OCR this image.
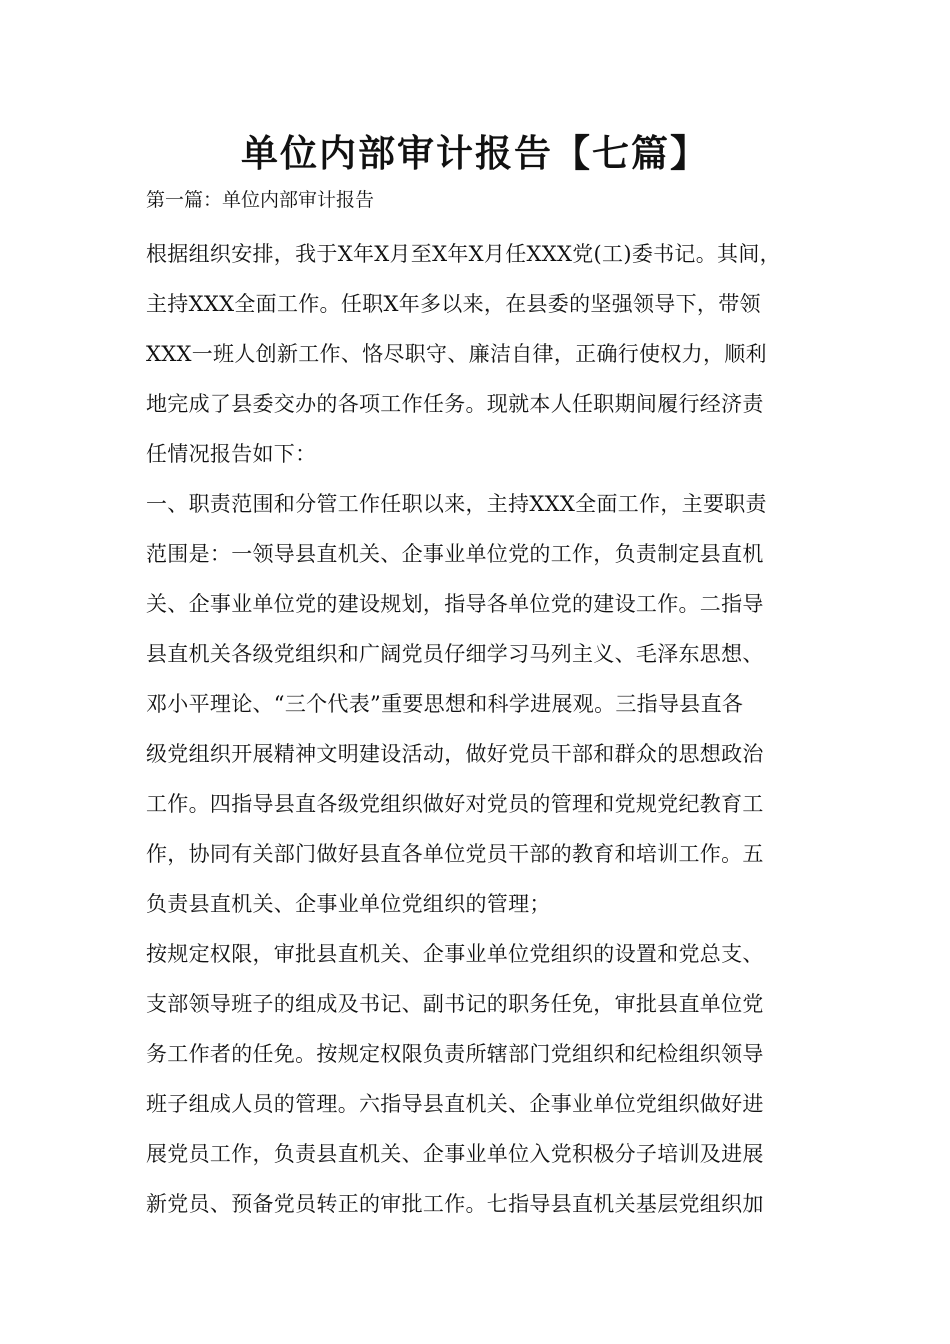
单位内部审计报告【七篇】

第一篇：单位内部审计报告

根据组织安排，我于X年X月至X年X月任XXX党(工)委书记。其间，
主持XXX全面工作。任职X年多以来，在县委的坚强领导下，带领
XXX一班人创新工作、恪尽职守、廉洁自律，正确行使权力，顺利
地完成了县委交办的各项工作任务。现就本人任职期间履行经济责
任情况报告如下：
一、职责范围和分管工作任职以来，主持XXX全面工作，主要职责
范围是：一领导县直机关、企事业单位党的工作，负责制定县直机
关、企事业单位党的建设规划，指导各单位党的建设工作。二指导
县直机关各级党组织和广阔党员仔细学习马列主义、毛泽东思想、
邓小平理论、“三个代表”重要思想和科学进展观。三指导县直各
级党组织开展精神文明建设活动，做好党员干部和群众的思想政治
工作。四指导县直各级党组织做好对党员的管理和党规党纪教育工
作，协同有关部门做好县直各单位党员干部的教育和培训工作。五
负责县直机关、企事业单位党组织的管理；
按规定权限，审批县直机关、企事业单位党组织的设置和党总支、
支部领导班子的组成及书记、副书记的职务任免，审批县直单位党
务工作者的任免。按规定权限负责所辖部门党组织和纪检组织领导
班子组成人员的管理。六指导县直机关、企事业单位党组织做好进
展党员工作，负责县直机关、企事业单位入党积极分子培训及进展
新党员、预备党员转正的审批工作。七指导县直机关基层党组织加
